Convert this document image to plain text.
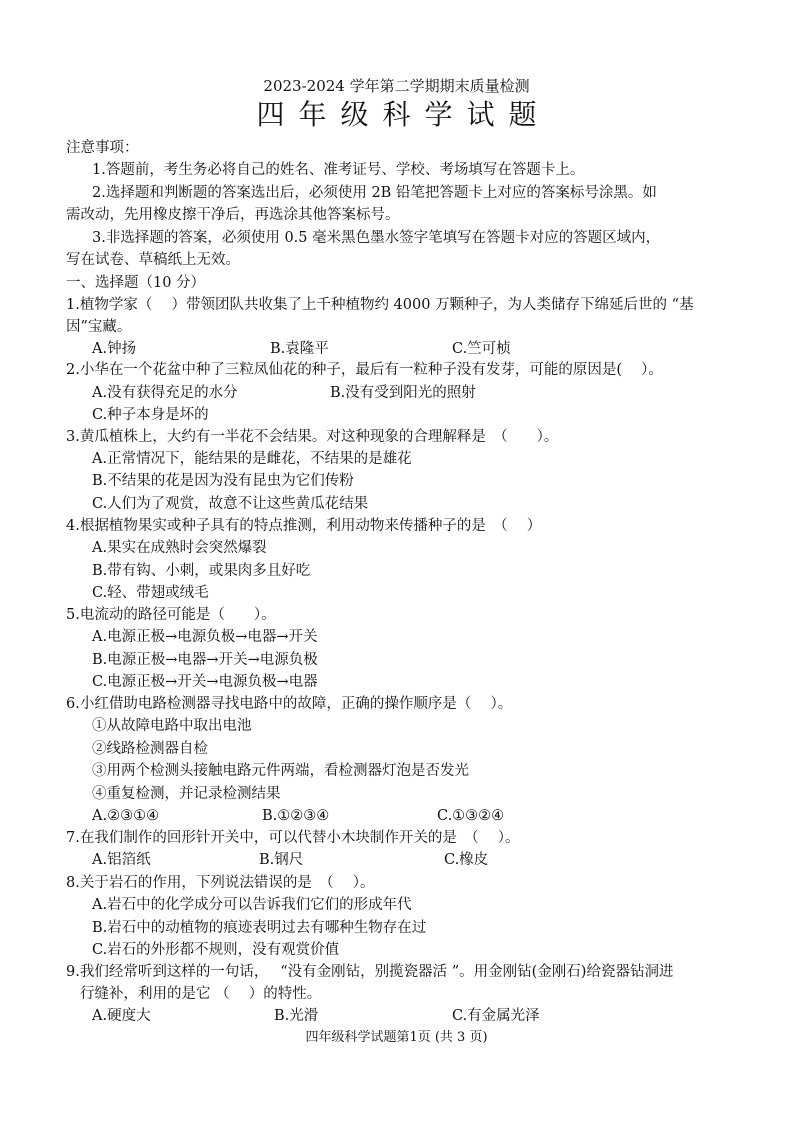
2023-2024 学年第二学期期末质量检测
四年级科学试题
注意事项：
1.答题前，考生务必将自己的姓名、准考证号、学校、考场填写在答题卡上。
2.选择题和判断题的答案选出后，必须使用 2B 铅笔把答题卡上对应的答案标号涂黑。如
需改动，先用橡皮擦干净后，再选涂其他答案标号。
3.非选择题的答案，必须使用 0.5 毫米黑色墨水签字笔填写在答题卡对应的答题区域内，
写在试卷、草稿纸上无效。
一、选择题（10 分）
1.植物学家（　 ）带领团队共收集了上千种植物约 4000 万颗种子，为人类储存下绵延后世的 “基
因”宝藏。
A.钟扬	B.袁隆平	C.竺可桢
2.小华在一个花盆中种了三粒凤仙花的种子，最后有一粒种子没有发芽，可能的原因是(　 ）。
A.没有获得充足的水分	B.没有受到阳光的照射
C.种子本身是坏的
3.黄瓜植株上，大约有一半花不会结果。对这种现象的合理解释是　（　　）。
A.正常情况下，能结果的是雌花，不结果的是雄花
B.不结果的花是因为没有昆虫为它们传粉
C.人们为了观赏，故意不让这些黄瓜花结果
4.根据植物果实或种子具有的特点推测，利用动物来传播种子的是　（　 ）
A.果实在成熟时会突然爆裂
B.带有钩、小刺，或果肉多且好吃
C.轻、带翅或绒毛
5.电流动的路径可能是（　　）。
A.电源正极→电源负极→电器→开关
B.电源正极→电器→开关→电源负极
C.电源正极→开关→电源负极→电器
6.小红借助电路检测器寻找电路中的故障，正确的操作顺序是（　 ）。
①从故障电路中取出电池
②线路检测器自检
③用两个检测头接触电路元件两端，看检测器灯泡是否发光
④重复检测，并记录检测结果
A.②③①④	B.①②③④	C.①③②④
7.在我们制作的回形针开关中，可以代替小木块制作开关的是　（　 ）。
A.铝箔纸	B.钢尺	C.橡皮
8.关于岩石的作用，下列说法错误的是　（　 ）。
A.岩石中的化学成分可以告诉我们它们的形成年代
B.岩石中的动植物的痕迹表明过去有哪种生物存在过
C.岩石的外形都不规则，没有观赏价值
9.我们经常听到这样的一句话，　 “没有金刚钻，别揽瓷器活 ”。用金刚钻(金刚石)给瓷器钻洞进
行缝补，利用的是它 （　 ）的特性。
A.硬度大	B.光滑	C.有金属光泽
四年级科学试题第1页 (共 3 页)
